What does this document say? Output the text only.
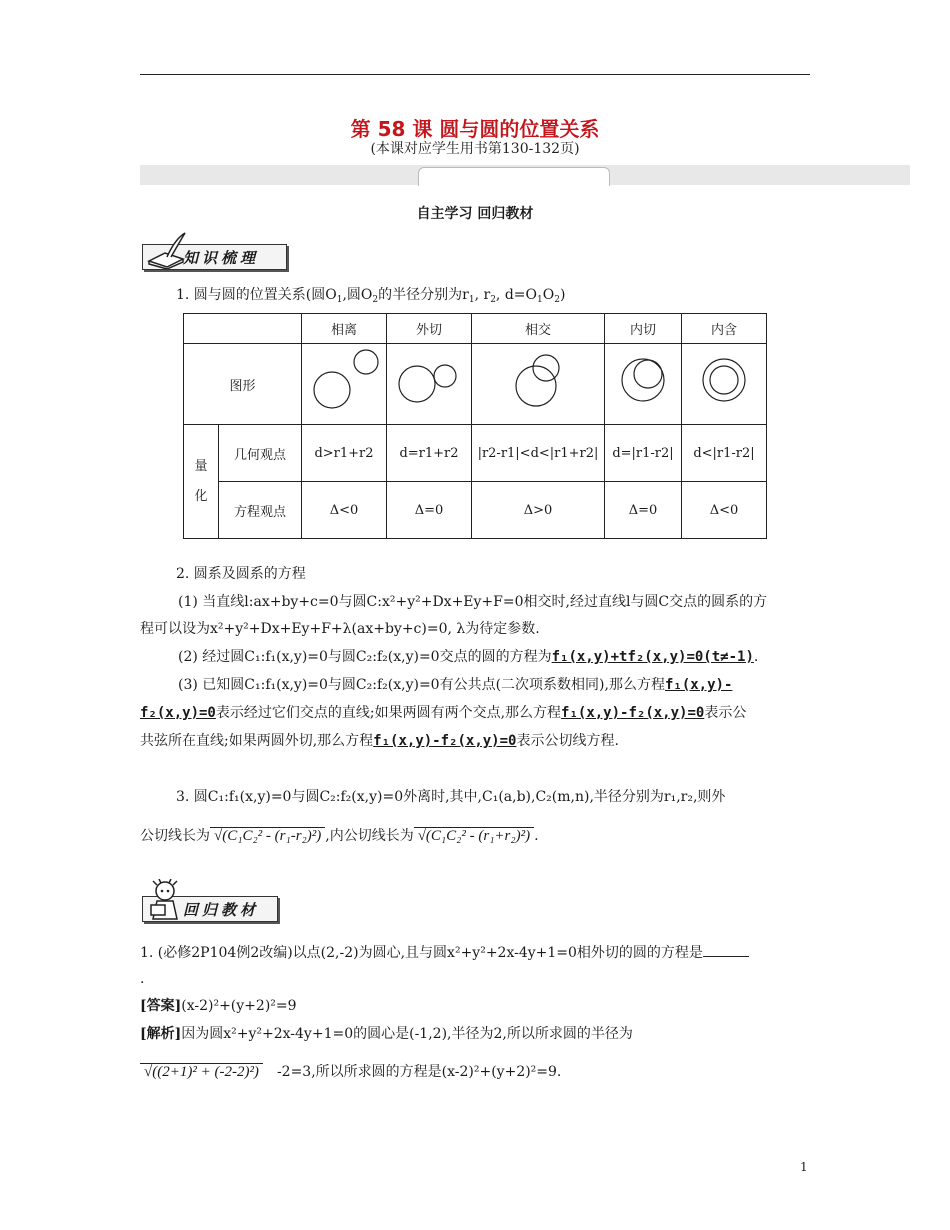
第 58 课 圆与圆的位置关系
(本课对应学生用书第130-132页)
自主学习 回归教材
知识梳理
1. 圆与圆的位置关系(圆$O_1$,圆$O_2$的半径分别为$r_1$, $r_2$, $d=O_1O_2$)
		相离	外切	相交	内切	内含
图形					
量
化	几何观点	d>r1+r2	d=r1+r2	|r2-r1|<d<|r1+r2|	d=|r1-r2|	d<|r1-r2|
	方程观点	Δ<0	Δ=0	Δ>0	Δ=0	Δ<0
2. 圆系及圆系的方程
(1) 当直线l:ax+by+c=0与圆C:x²+y²+Dx+Ey+F=0相交时,经过直线l与圆C交点的圆系的方
程可以设为x²+y²+Dx+Ey+F+λ(ax+by+c)=0, λ为待定参数.
(2) 经过圆C₁:f₁(x,y)=0与圆C₂:f₂(x,y)=0交点的圆的方程为f₁(x,y)+tf₂(x,y)=0(t≠-1).
(3) 已知圆C₁:f₁(x,y)=0与圆C₂:f₂(x,y)=0有公共点(二次项系数相同),那么方程f₁(x,y)-
f₂(x,y)=0表示经过它们交点的直线;如果两圆有两个交点,那么方程f₁(x,y)-f₂(x,y)=0表示公
共弦所在直线;如果两圆外切,那么方程f₁(x,y)-f₂(x,y)=0表示公切线方程.
3. 圆C₁:f₁(x,y)=0与圆C₂:f₂(x,y)=0外离时,其中,C₁(a,b),C₂(m,n),半径分别为r₁,r₂,则外
公切线长为 √(C₁C₂² - (r₁-r₂)²) ,内公切线长为 √(C₁C₂² - (r₁+r₂)²) .
回归教材
1. (必修2P104例2改编)以点(2,-2)为圆心,且与圆x²+y²+2x-4y+1=0相外切的圆的方程是
.
[答案](x-2)²+(y+2)²=9
[解析]因为圆x²+y²+2x-4y+1=0的圆心是(-1,2),半径为2,所以所求圆的半径为
√((2+1)² + (-2-2)²) -2=3,所以所求圆的方程是(x-2)²+(y+2)²=9.
1
